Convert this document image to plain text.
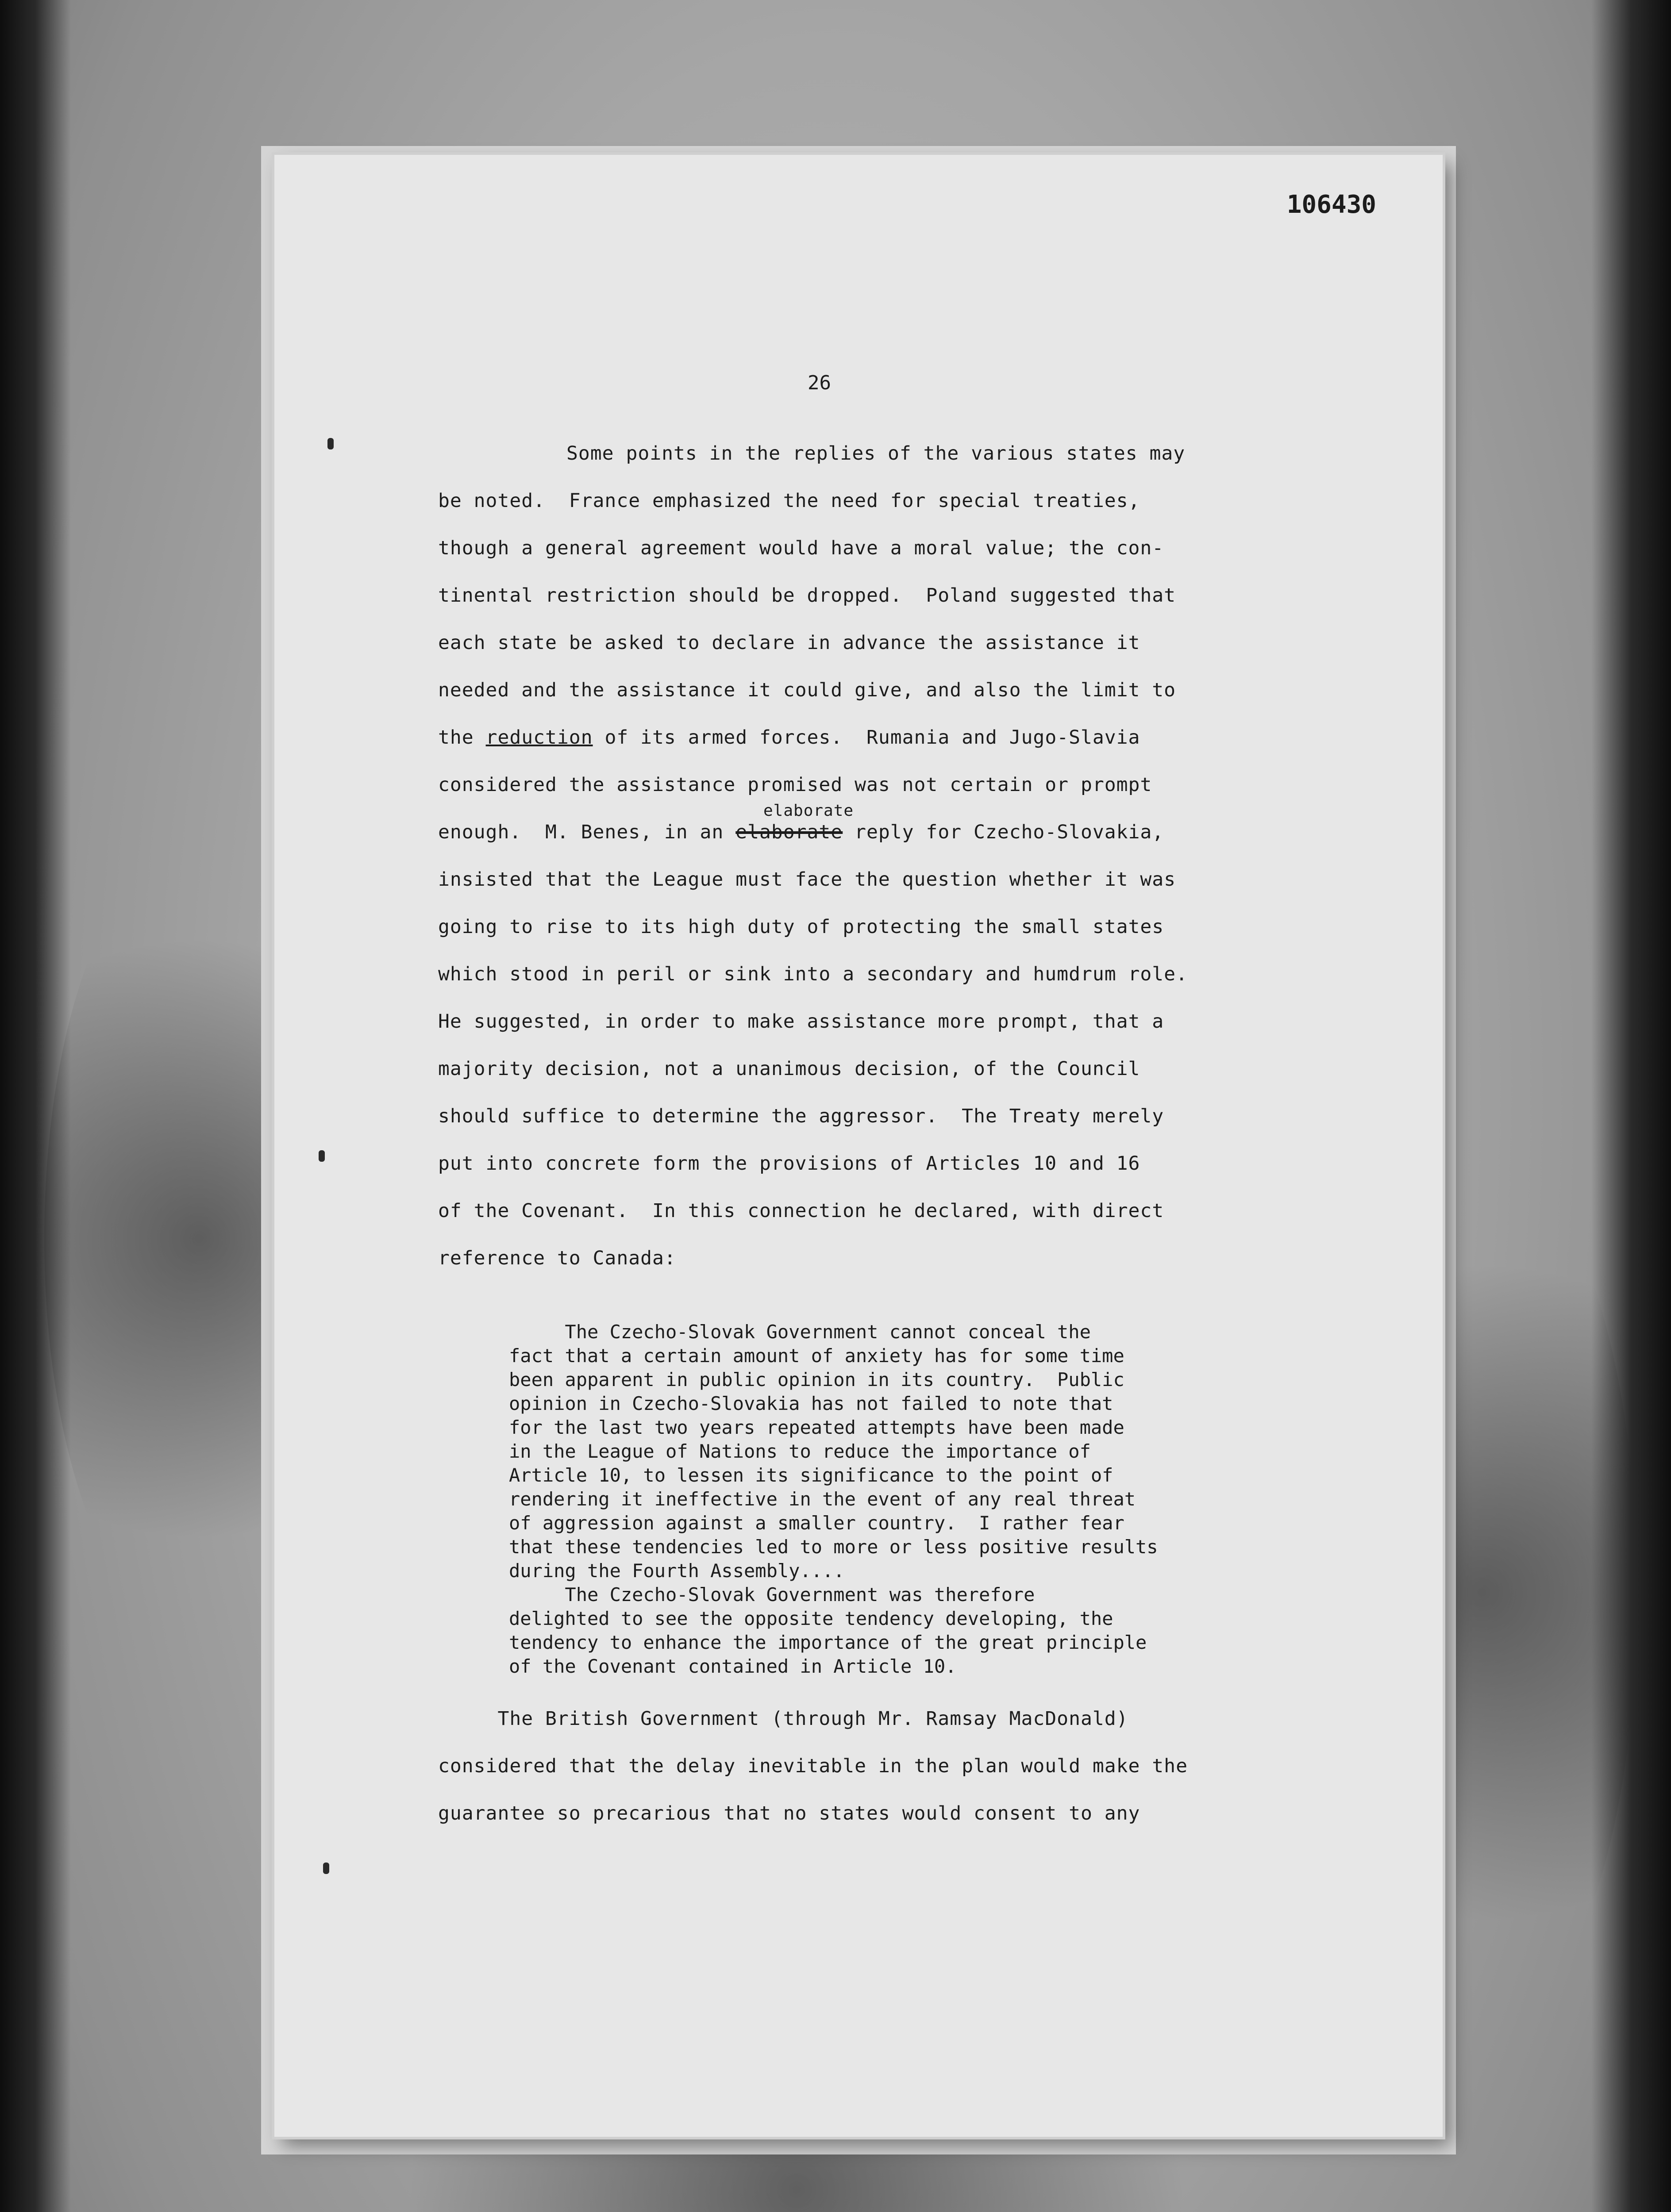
106430
26
Some points in the replies of the various states may
be noted.  France emphasized the need for special treaties,
though a general agreement would have a moral value; the con-
tinental restriction should be dropped.  Poland suggested that
each state be asked to declare in advance the assistance it
needed and the assistance it could give, and also the limit to
the reduction of its armed forces.  Rumania and Jugo-Slavia
considered the assistance promised was not certain or prompt
elaborate
enough.  M. Benes, in an elaborate reply for Czecho-Slovakia,
insisted that the League must face the question whether it was
going to rise to its high duty of protecting the small states
which stood in peril or sink into a secondary and humdrum role.
He suggested, in order to make assistance more prompt, that a
majority decision, not a unanimous decision, of the Council
should suffice to determine the aggressor.  The Treaty merely
put into concrete form the provisions of Articles 10 and 16
of the Covenant.  In this connection he declared, with direct
reference to Canada:
The Czecho-Slovak Government cannot conceal the
fact that a certain amount of anxiety has for some time
been apparent in public opinion in its country.  Public
opinion in Czecho-Slovakia has not failed to note that
for the last two years repeated attempts have been made
in the League of Nations to reduce the importance of
Article 10, to lessen its significance to the point of
rendering it ineffective in the event of any real threat
of aggression against a smaller country.  I rather fear
that these tendencies led to more or less positive results
during the Fourth Assembly....
The Czecho-Slovak Government was therefore
delighted to see the opposite tendency developing, the
tendency to enhance the importance of the great principle
of the Covenant contained in Article 10.
The British Government (through Mr. Ramsay MacDonald)
considered that the delay inevitable in the plan would make the
guarantee so precarious that no states would consent to any
